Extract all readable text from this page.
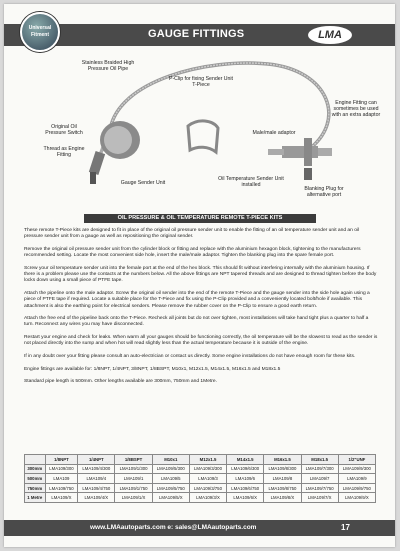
GAUGE FITTINGS
Universal
Fitment	LMA
Stainless Braided High Pressure Oil Pipe
P-Clip for fixing Sender Unit T-Piece
Engine Fitting can sometimes be used with an extra adaptor
Original Oil Pressure Switch	Male/male adaptor
Thread as Engine Fitting
Gauge Sender Unit
Oil Temperature Sender Unit installed
Blanking Plug for alternative port
OIL PRESSURE & OIL TEMPERATURE REMOTE T-PIECE KITS

These remote T-Piece kits are designed to fit in place of the original oil pressure sender unit to enable the fitting of an oil temperature sender unit and an oil pressure sender unit from a gauge as well as repositioning the original sender.

Remove the original oil pressure sender unit from the cylinder block or fitting and replace with the aluminium hexagon block, tightening to the manufacturers recommended setting. Locate the most convenient side hole, insert the male/male adaptor. Tighten the blanking plug into the spare female port.

Screw your oil temperature sender unit into the female port at the end of the hex block. This should fit without interfering internally with the aluminium housing. If there is a problem please use the contacts at the numbers below. All the above fittings are NPT tapered threads and are designed to thread tighten before the body locks down using a small piece of PTFE tape.

Attach the pipeline onto the male adaptor. Screw the original oil sender into the end of the remote T-Piece and the gauge sender into the side hole again using a piece of PTFE tape if required. Locate a suitable place for the T-Piece and fix using the P-Clip provided and a conveniently located bolt/hole if available. This attachment is also the earthing point for electrical senders. Please remove the rubber cover on the P-Clip to ensure a good earth return.

Attach the free end of the pipeline back onto the T-Piece. Recheck all joints but do not over tighten, most installations will take hand tight plus a quarter to half a turn. Reconnect any wires you may have disconnected.

Restart your engine and check for leaks. When warm all your gauges should be functioning correctly, the oil temperature will be the slowest to read as the sender is not placed directly into the sump and when hot will read slightly less than the actual temperature because it is outside of the engine.

If in any doubt over your fitting please consult an auto-electrician or contact us directly. Some engine installations do not have enough room for these kits.

Engine fittings are available for: 1/8NPT, 1/4NPT, 3/8NPT, 1/8BSPT, M10x1, M12x1.5, M14x1.5, M16x1.5 and M18x1.5

Standard pipe length is 500mm. Other lengths available are 300mm, 750mm and 1Metre.

	1/8NPT	1/4NPT	1/8BSPT	M10x1	M12x1.5	M14x1.5	M16x1.5	M18x1.5	1/2"UNF
300mm	LMA109/300	LMA109/4/300	LMA109/1/300	LMA109/5/300	LMA109/3/300	LMA109/6/300	LMA109/8/300	LMA109/7/300	LMA109/9/300
500mm	LMA109	LMA109/4	LMA109/1	LMA109/5	LMA109/3	LMA109/6	LMA109/8	LMA109/7	LMA109/9
750mm	LMA109/750	LMA109/4/750	LMA109/1/750	LMA109/5/750	LMA109/3/750	LMA109/6/750	LMA109/8/750	LMA109/7/750	LMA109/9/750
1 Metre	LMA109/X	LMA109/4/X	LMA109/1/X	LMA109/5/X	LMA109/3/X	LMA109/6/X	LMA109/8/X	LMA109/7/X	LMA109/9/X
www.LMAautoparts.com e: sales@LMAautoparts.com	17
